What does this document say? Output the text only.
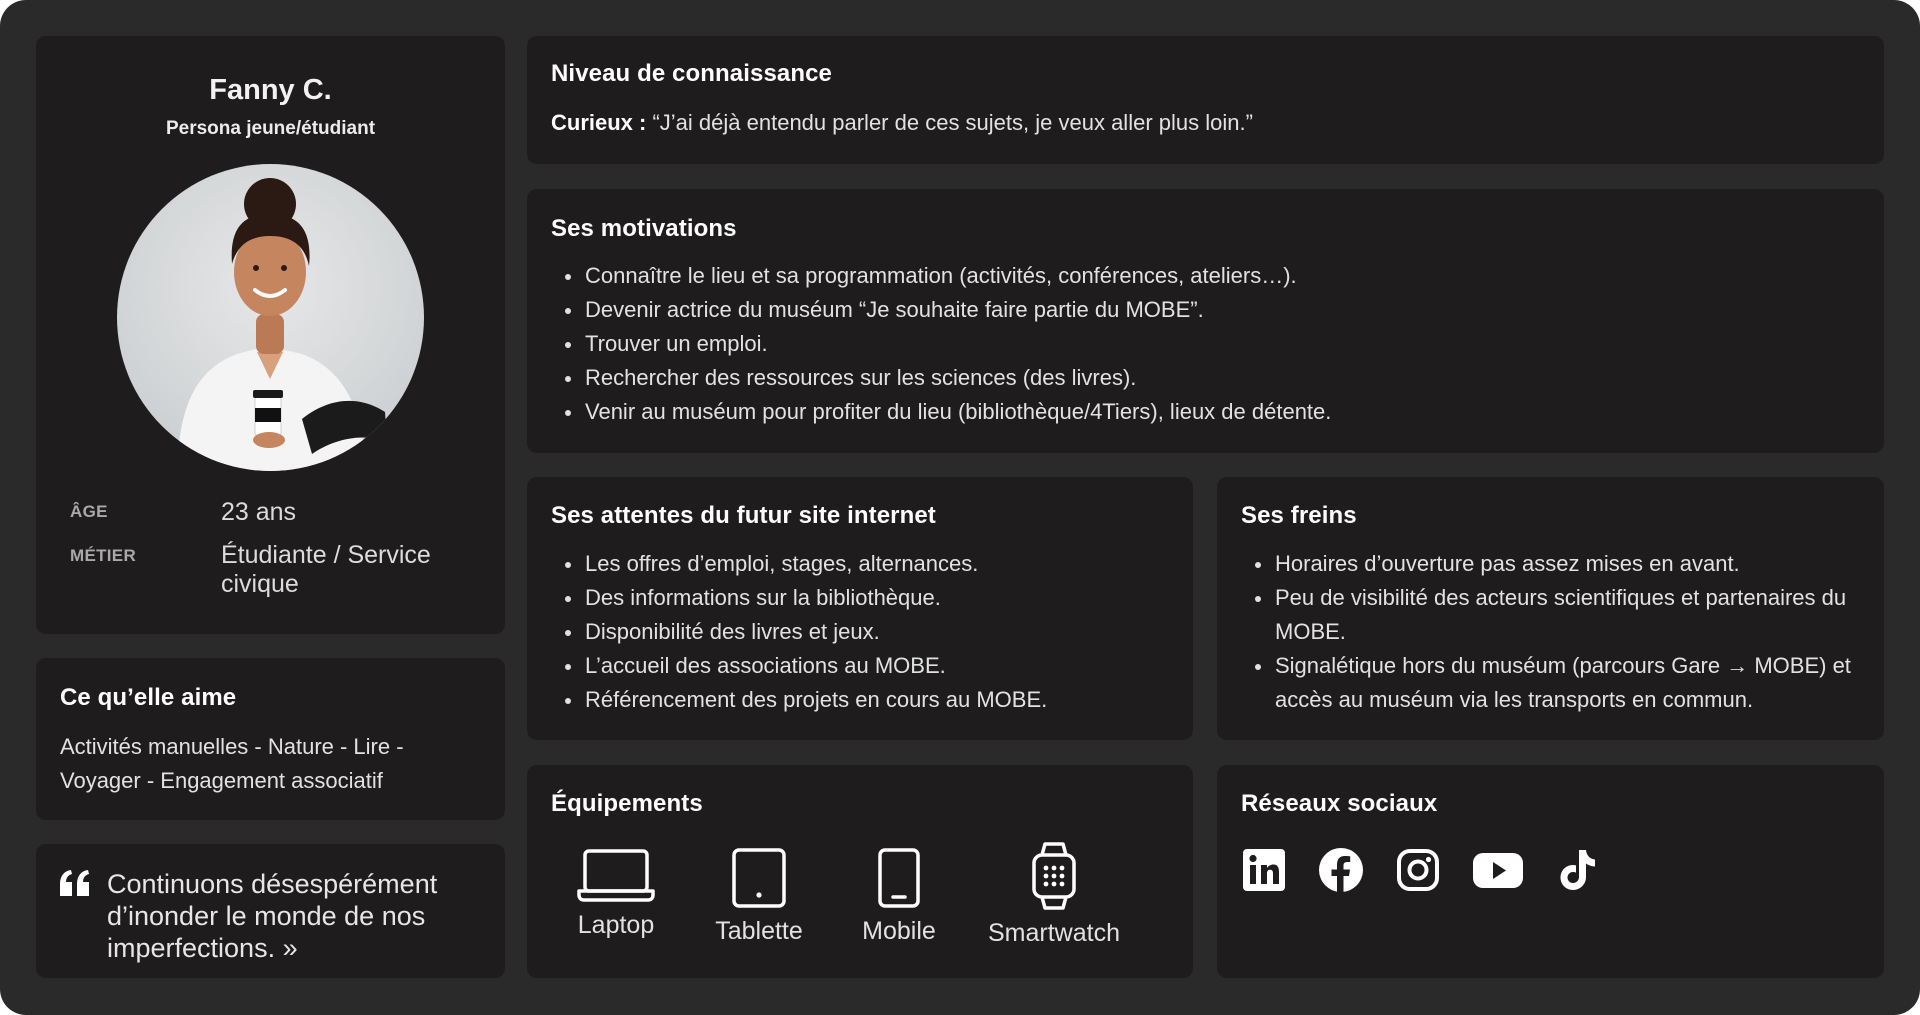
Fanny C.
Persona jeune/étudiant
ÂGE	23 ans
MÉTIER	Étudiante / Service civique
Ce qu’elle aime
Activités manuelles - Nature - Lire - Voyager - Engagement associatif
Continuons désespérément d’inonder le monde de nos imperfections. »
Niveau de connaissance
Curieux : “J’ai déjà entendu parler de ces sujets, je veux aller plus loin.”
Ses motivations
Connaître le lieu et sa programmation (activités, conférences, ateliers…).
Devenir actrice du muséum “Je souhaite faire partie du MOBE”.
Trouver un emploi.
Rechercher des ressources sur les sciences (des livres).
Venir au muséum pour profiter du lieu (bibliothèque/4Tiers), lieux de détente.
Ses attentes du futur site internet
Les offres d’emploi, stages, alternances.
Des informations sur la bibliothèque.
Disponibilité des livres et jeux.
L’accueil des associations au MOBE.
Référencement des projets en cours au MOBE.
Ses freins
Horaires d’ouverture pas assez mises en avant.
Peu de visibilité des acteurs scientifiques et partenaires du MOBE.
Signalétique hors du muséum (parcours Gare → MOBE) et accès au muséum via les transports en commun.
Équipements
Laptop	Tablette	Mobile	Smartwatch
Réseaux sociaux
